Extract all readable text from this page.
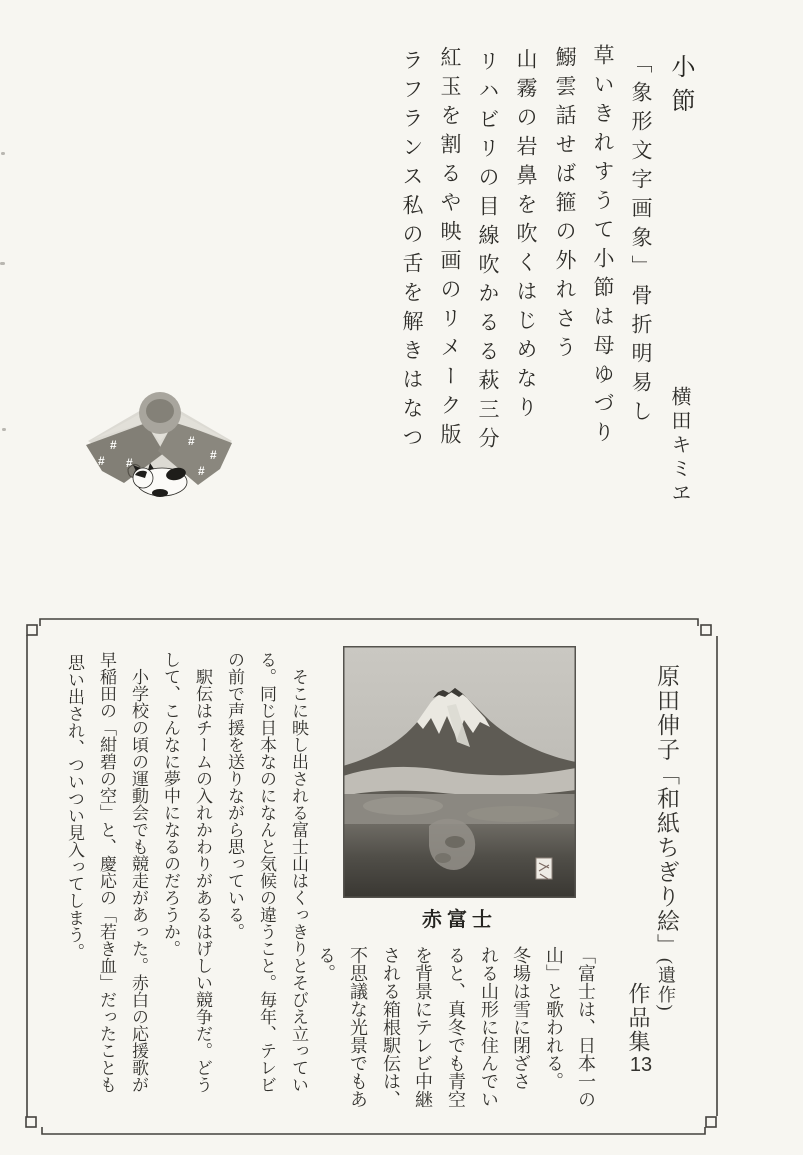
小節
横田キミヱ
「象形文字画象」骨折明易し
草いきれすうて小節は母ゆづり
鰯雲話せば箍の外れさう
山霧の岩鼻を吹くはじめなり
リハビリの目線吹かるる萩三分
紅玉を割るや映画のリメーク版
ラフランス私の舌を解きはなつ
#
# #
#
#
#
原田伸子「和紙ちぎり絵」(遺作)
作品集
13
赤富士
「富士は、日本一の
山」と歌われる。
冬場は雪に閉ざさ
れる山形に住んでい
ると、真冬でも青空
を背景にテレビ中継
される箱根駅伝は、
不思議な光景でもあ
る。
そこに映し出される富士山はくっきりとそびえ立ってい
る。同じ日本なのになんと気候の違うこと。毎年、テレビ
の前で声援を送りながら思っている。
駅伝はチームの入れかわりがあるはげしい競争だ。どう
して、こんなに夢中になるのだろうか。
小学校の頃の運動会でも競走があった。赤白の応援歌が
早稲田の「紺碧の空」と、慶応の「若き血」だったことも
思い出され、ついつい見入ってしまう。
